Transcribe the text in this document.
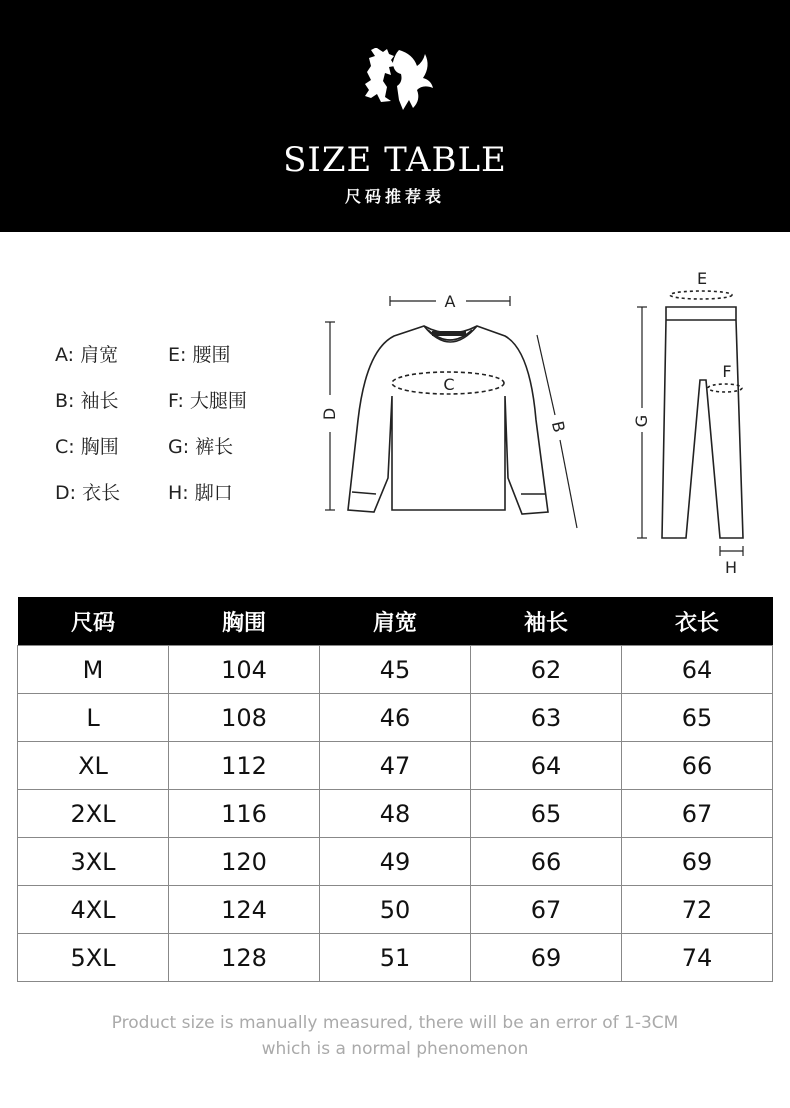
SIZE TABLE
尺码推荐表
A: 肩宽	E: 腰围
B: 袖长	F: 大腿围
C: 胸围	G: 裤长
D: 衣长	H: 脚口
A
C
D
B
E
F
G
H
尺码	胸围	肩宽	袖长	衣长
M	104	45	62	64
L	108	46	63	65
XL	112	47	64	66
2XL	116	48	65	67
3XL	120	49	66	69
4XL	124	50	67	72
5XL	128	51	69	74
Product size is manually measured, there will be an error of 1-3CM
which is a normal phenomenon
